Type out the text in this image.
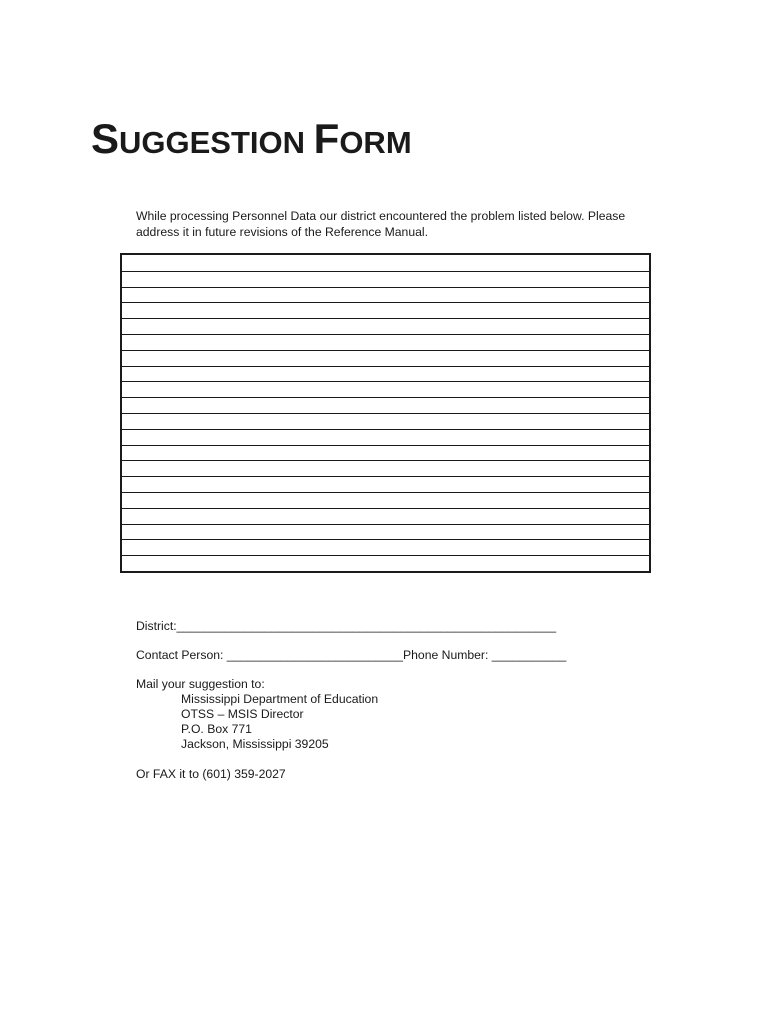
SUGGESTION FORM

While processing Personnel Data our district encountered the problem listed below. Please
address it in future revisions of the Reference Manual.

District:________________________________________________________

Contact Person: __________________________Phone Number: ___________

Mail your suggestion to:

Mississippi Department of Education
OTSS – MSIS Director
P.O. Box 771
Jackson, Mississippi 39205

Or FAX it to (601) 359-2027
